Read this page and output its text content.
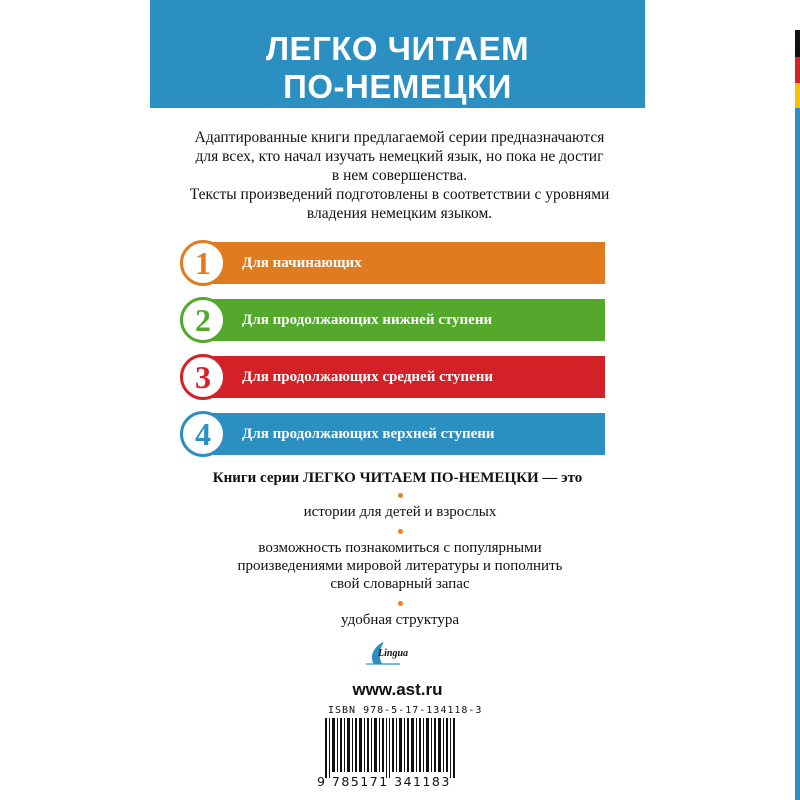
ЛЕГКО ЧИТАЕМ
ПО-НЕМЕЦКИ

Адаптированные книги предлагаемой серии предназначаются

для всех, кто начал изучать немецкий язык, но пока не достиг

в нем совершенства.

Тексты произведений подготовлены в соответствии с уровнями

владения немецким языком.

Для начинающих
1
Для продолжающих нижней ступени
2
Для продолжающих средней ступени
3
Для продолжающих верхней ступени
4
Книги серии ЛЕГКО ЧИТАЕМ ПО-НЕМЕЦКИ — это
истории для детей и взрослых
возможность познакомиться с популярными
произведениями мировой литературы и пополнить
свой словарный запас
удобная структура
Lingua
www.ast.ru
ISBN 978-5-17-134118-3
9 785171 341183
